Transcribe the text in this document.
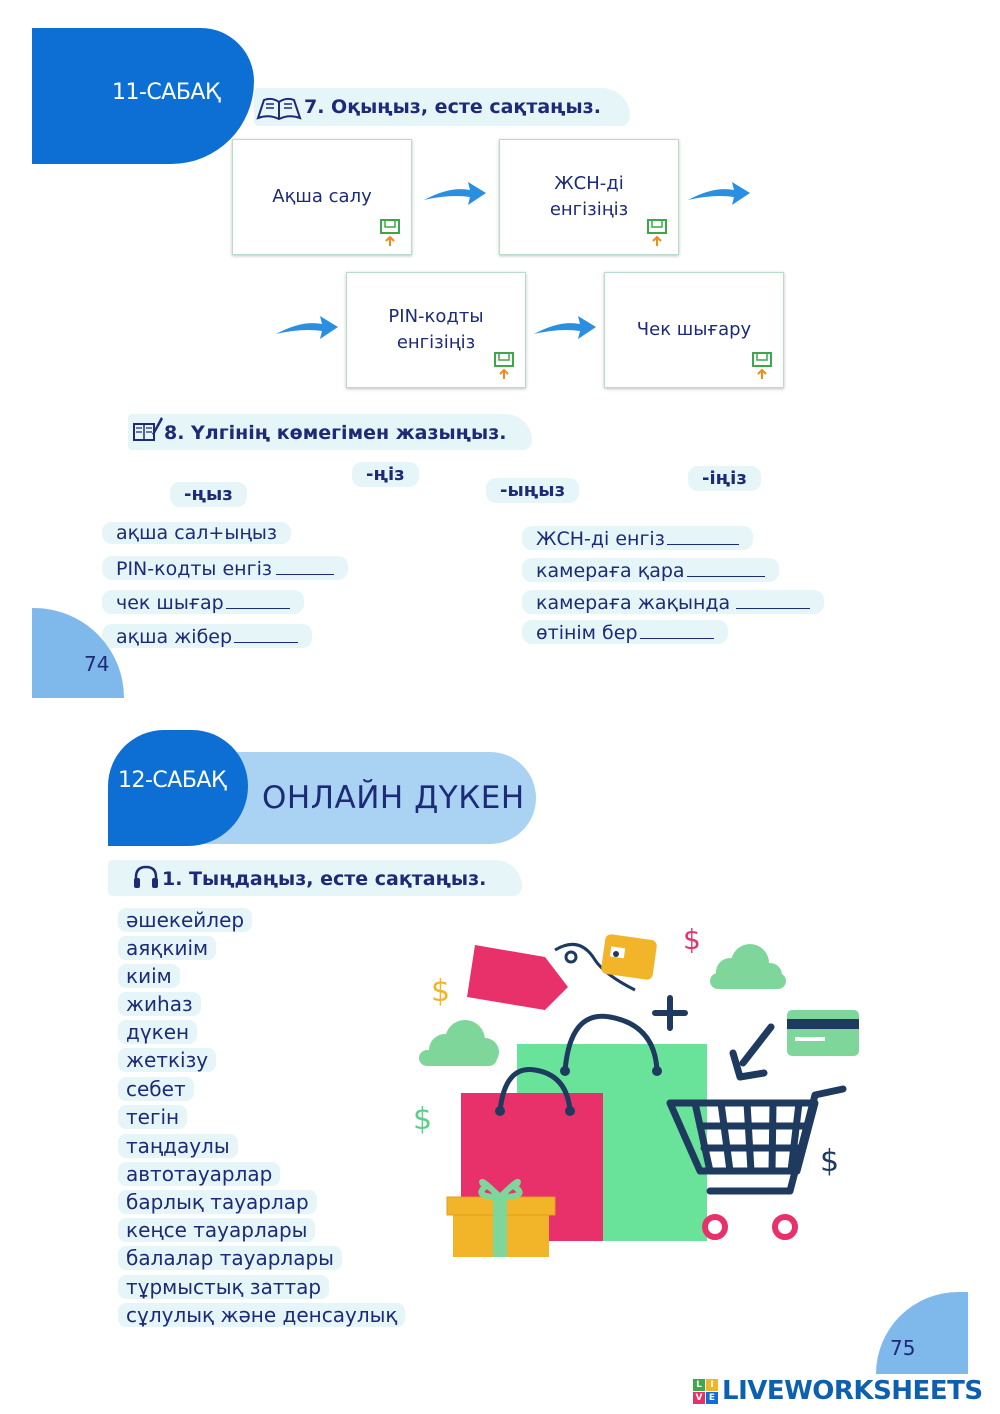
11-САБАҚ
7. Оқыңыз, есте сақтаңыз.
Ақша салу
ЖСН-ді енгізіңіз
PIN-кодты енгізіңіз
Чек шығару
8. Үлгінің көмегімен жазыңыз.
-ңыз
-ңіз
-ыңыз
-іңіз
ақша сал+ыңыз
PIN-кодты енгіз
чек шығар
ақша жібер
ЖСН-ді енгіз
камераға қара
камераға жақында
өтінім бер
74
ОНЛАЙН ДҮКЕН
12-САБАҚ
1. Тыңдаңыз, есте сақтаңыз.
әшекейлер
аяқкиім
киім
жиһаз
дүкен
жеткізу
себет
тегін
таңдаулы
автотауарлар
барлық тауарлар
кеңсе тауарлары
балалар тауарлары
тұрмыстық заттар
сұлулық және денсаулық
$
$
$
$
75
L I
V E LIVEWORKSHEETS
